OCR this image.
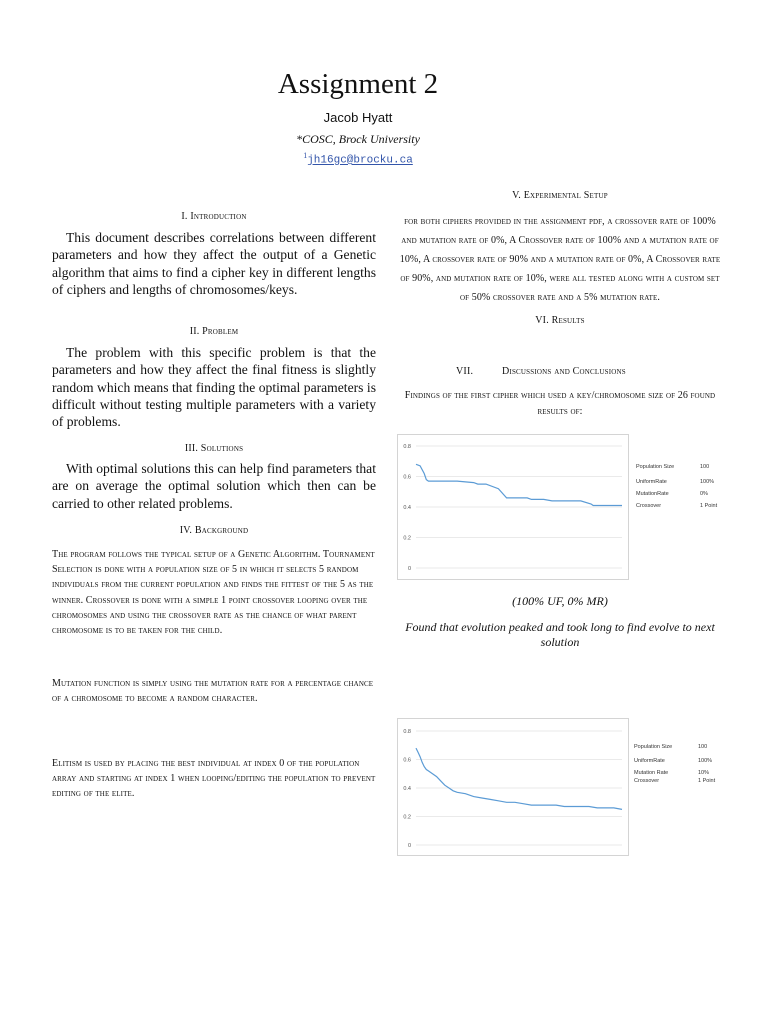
Assignment 2
Jacob Hyatt
*COSC, Brock University
$^1$jh16gc@brocku.ca
I. Introduction

This document describes correlations between different parameters and how they affect the output of a Genetic algorithm that aims to find a cipher key in different lengths of ciphers and lengths of chromosomes/keys.

II. Problem

The problem with this specific problem is that the parameters and how they affect the final fitness is slightly random which means that finding the optimal parameters is difficult without testing multiple parameters with a variety of problems.

III. Solutions

With optimal solutions this can help find parameters that are on average the optimal solution which then can be carried to other related problems.

IV. Background

The program follows the typical setup of a Genetic Algorithm. Tournament Selection is done with a population size of 5 in which it selects 5 random individuals from the current population and finds the fittest of the 5 as the winner. Crossover is done with a simple 1 point crossover looping over the chromosomes and using the crossover rate as the chance of what parent chromosome is to be taken for the child.

Mutation function is simply using the mutation rate for a percentage chance of a chromosome to become a random character.

Elitism is used by placing the best individual at index 0 of the population array and starting at index 1 when looping/editing the population to prevent editing of the elite.

V. Experimental Setup

for both ciphers provided in the assignment pdf, a crossover rate of 100% and mutation rate of 0%, A Crossover rate of 100% and a mutation rate of 10%, A crossover rate of 90% and a mutation rate of 0%, A Crossover rate of 90%, and mutation rate of 10%, were all tested along with a custom set of 50% crossover rate and a 5% mutation rate.

VI. Results
VII.	Discussions and Conclusions

Findings of the first cipher which used a key/chromosome size of 26 found results of:

0.8
0.6
0.4
0.2
0
Population Size	100
UniformRate	100%
MutationRate	0%
Crossover	1 Point
(100% UF, 0% MR)
Found that evolution peaked and took long to find evolve to next solution
0.8
0.6
0.4
0.2
0
Population Size	100
UniformRate	100%
Mutation Rate	10%
Crossover	1 Point
